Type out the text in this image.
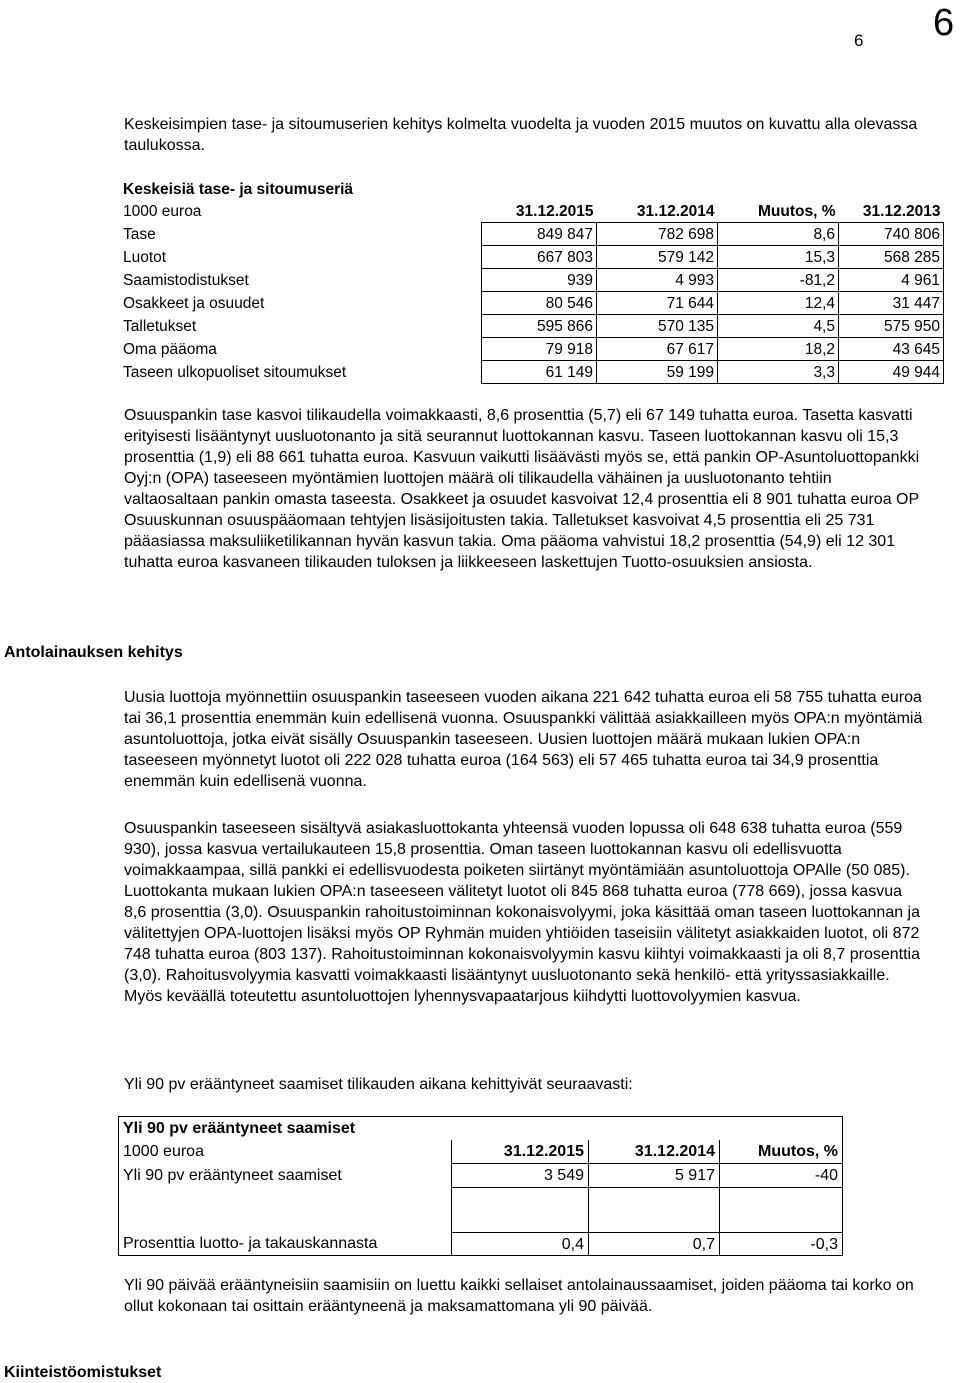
6 6

Keskeisimpien tase- ja sitoumuserien kehitys kolmelta vuodelta ja vuoden 2015 muutos on kuvattu alla olevassa taulukossa.

Keskeisiä tase- ja sitoumuseriä				
1000 euroa	31.12.2015	31.12.2014	Muutos, %	31.12.2013
Tase	849 847	782 698	8,6	740 806
Luotot	667 803	579 142	15,3	568 285
Saamistodistukset	939	4 993	-81,2	4 961
Osakkeet ja osuudet	80 546	71 644	12,4	31 447
Talletukset	595 866	570 135	4,5	575 950
Oma pääoma	79 918	67 617	18,2	43 645
Taseen ulkopuoliset sitoumukset	61 149	59 199	3,3	49 944

Osuuspankin tase kasvoi tilikaudella voimakkaasti, 8,6 prosenttia (5,7) eli 67 149 tuhatta euroa. Tasetta kasvatti erityisesti lisääntynyt uusluotonanto ja sitä seurannut luottokannan kasvu. Taseen luottokannan kasvu oli 15,3 prosenttia (1,9) eli 88 661 tuhatta euroa. Kasvuun vaikutti lisäävästi myös se, että pankin OP-Asuntoluottopankki Oyj:n (OPA) taseeseen myöntämien luottojen määrä oli tilikaudella vähäinen ja uusluotonanto tehtiin valtaosaltaan pankin omasta taseesta. Osakkeet ja osuudet kasvoivat 12,4 prosenttia eli 8 901 tuhatta euroa OP Osuuskunnan osuuspääomaan tehtyjen lisäsijoitusten takia. Talletukset kasvoivat 4,5 prosenttia eli 25 731 pääasiassa maksuliiketilikannan hyvän kasvun takia. Oma pääoma vahvistui 18,2 prosenttia (54,9) eli 12 301 tuhatta euroa kasvaneen tilikauden tuloksen ja liikkeeseen laskettujen Tuotto-osuuksien ansiosta.

Antolainauksen kehitys

Uusia luottoja myönnettiin osuuspankin taseeseen vuoden aikana 221 642 tuhatta euroa eli 58 755 tuhatta euroa tai 36,1 prosenttia enemmän kuin edellisenä vuonna. Osuuspankki välittää asiakkailleen myös OPA:n myöntämiä asuntoluottoja, jotka eivät sisälly Osuuspankin taseeseen. Uusien luottojen määrä mukaan lukien OPA:n taseeseen myönnetyt luotot oli 222 028 tuhatta euroa (164 563) eli 57 465 tuhatta euroa tai 34,9 prosenttia enemmän kuin edellisenä vuonna.

Osuuspankin taseeseen sisältyvä asiakasluottokanta yhteensä vuoden lopussa oli 648 638 tuhatta euroa (559 930), jossa kasvua vertailukauteen 15,8 prosenttia. Oman taseen luottokannan kasvu oli edellisvuotta voimakkaampaa, sillä pankki ei edellisvuodesta poiketen siirtänyt myöntämiään asuntoluottoja OPAlle (50 085). Luottokanta mukaan lukien OPA:n taseeseen välitetyt luotot oli 845 868 tuhatta euroa (778 669), jossa kasvua 8,6 prosenttia (3,0). Osuuspankin rahoitustoiminnan kokonaisvolyymi, joka käsittää oman taseen luottokannan ja välitettyjen OPA-luottojen lisäksi myös OP Ryhmän muiden yhtiöiden taseisiin välitetyt asiakkaiden luotot, oli 872 748 tuhatta euroa (803 137). Rahoitustoiminnan kokonaisvolyymin kasvu kiihtyi voimakkaasti ja oli 8,7 prosenttia (3,0). Rahoitusvolyymia kasvatti voimakkaasti lisääntynyt uusluotonanto sekä henkilö- että yrityssasiakkaille. Myös keväällä toteutettu asuntoluottojen lyhennysvapaatarjous kiihdytti luottovolyymien kasvua.

Yli 90 pv erääntyneet saamiset tilikauden aikana kehittyivät seuraavasti:

Yli 90 pv erääntyneet saamiset			
1000 euroa	31.12.2015	31.12.2014	Muutos, %
Yli 90 pv erääntyneet saamiset	3 549	5 917	-40

Prosenttia luotto- ja takauskannasta	0,4	0,7	-0,3

Yli 90 päivää erääntyneisiin saamisiin on luettu kaikki sellaiset antolainaussaamiset, joiden pääoma tai korko on ollut kokonaan tai osittain erääntyneenä ja maksamattomana yli 90 päivää.

Kiinteistöomistukset
